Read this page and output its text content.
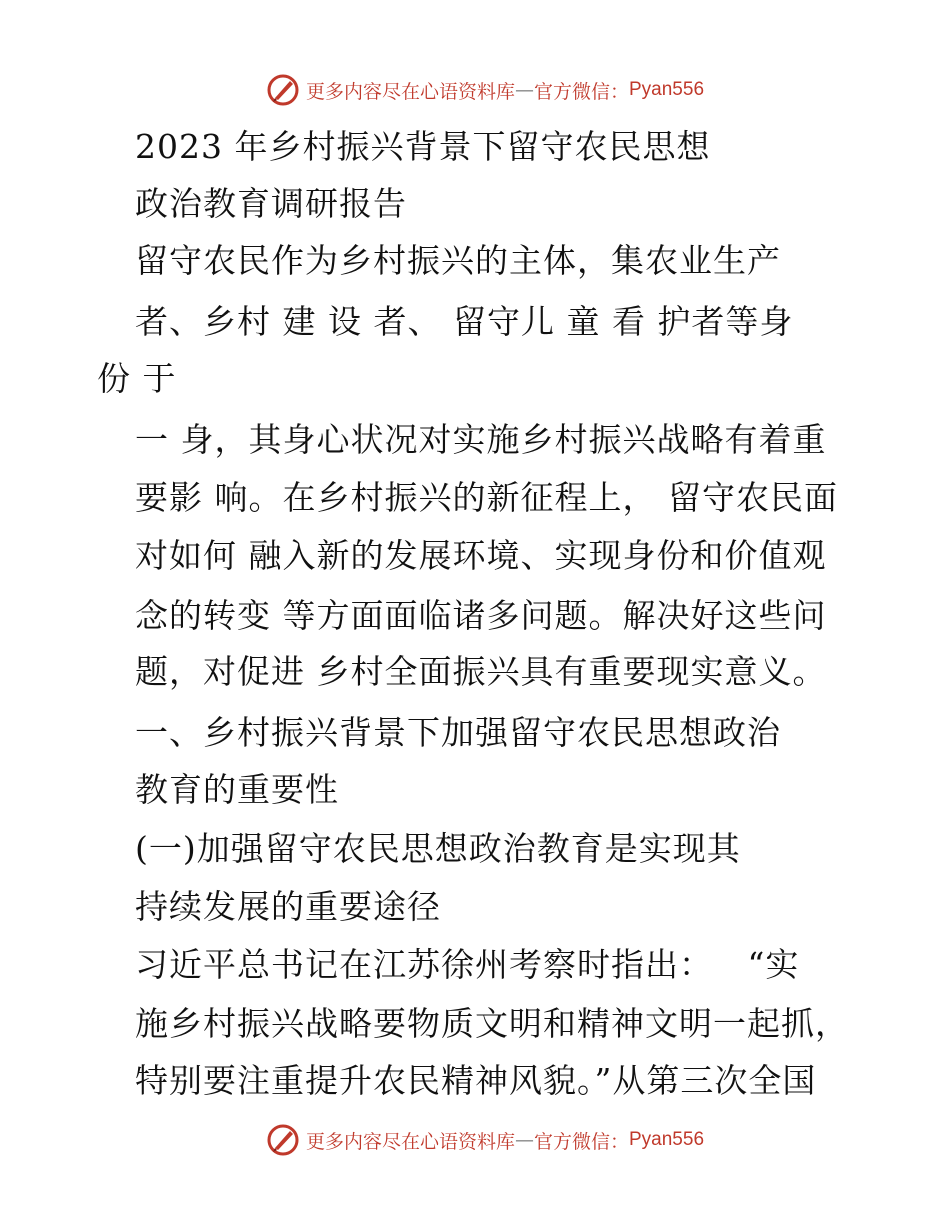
更多内容尽在心语资料库 — 官方微信： Pyan556
2023 年乡村振兴背景下留守农民思想
政治教育调研报告
留守农民作为乡村振兴的主体，集农业生产
者、乡村 建 设 者、 留守儿 童 看 护者等身
份 于
一 身，其身心状况对实施乡村振兴战略有着重
要影 响。在乡村振兴的新征程上， 留守农民面
对如何 融入新的发展环境、实现身份和价值观
念的转变 等方面面临诸多问题。解决好这些问
题，对促进 乡村全面振兴具有重要现实意义。
一、乡村振兴背景下加强留守农民思想政治
教育的重要性
(一)加强留守农民思想政治教育是实现其
持续发展的重要途径
习近平总书记在江苏徐州考察时指出：   “实
施乡村振兴战略要物质文明和精神文明一起抓，
特别要注重提升农民精神风貌。”从第三次全国
更多内容尽在心语资料库 — 官方微信： Pyan556
